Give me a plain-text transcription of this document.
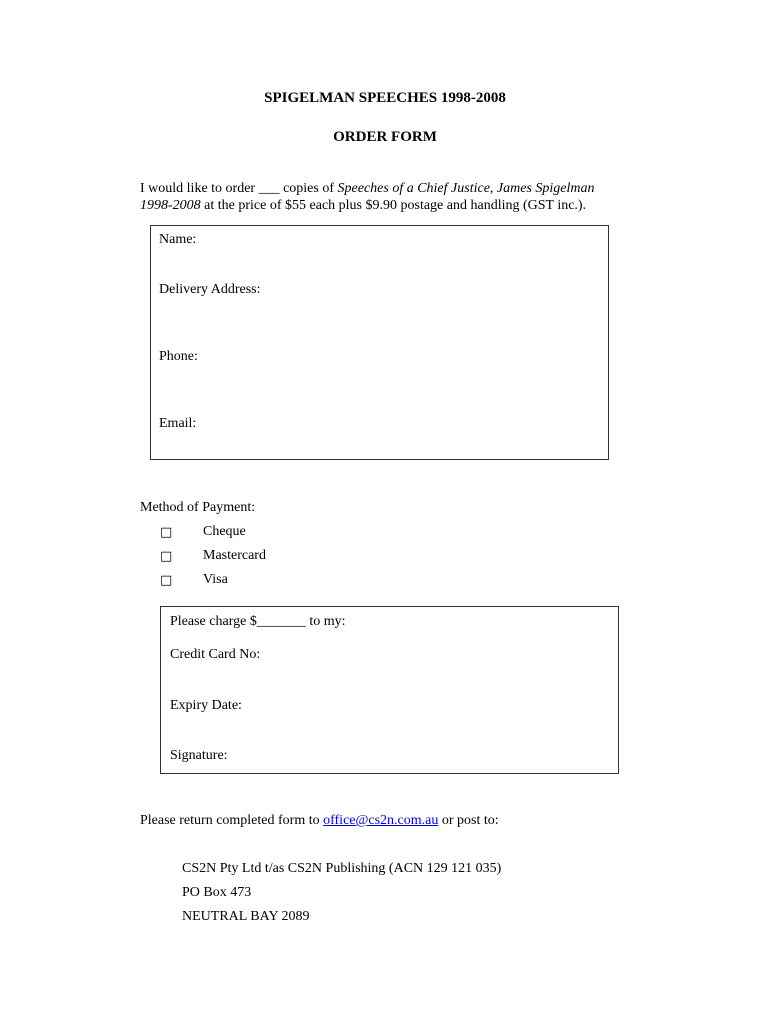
SPIGELMAN SPEECHES 1998-2008
ORDER FORM
I would like to order ___ copies of Speeches of a Chief Justice, James Spigelman
1998-2008 at the price of $55 each plus $9.90 postage and handling (GST inc.).
Name:
Delivery Address:
Phone:
Email:
Method of Payment:
□ Cheque
□ Mastercard
□ Visa
Please charge $_______ to my:
Credit Card No:
Expiry Date:
Signature:
Please return completed form to office@cs2n.com.au or post to:
CS2N Pty Ltd t/as CS2N Publishing (ACN 129 121 035)
PO Box 473
NEUTRAL BAY 2089
